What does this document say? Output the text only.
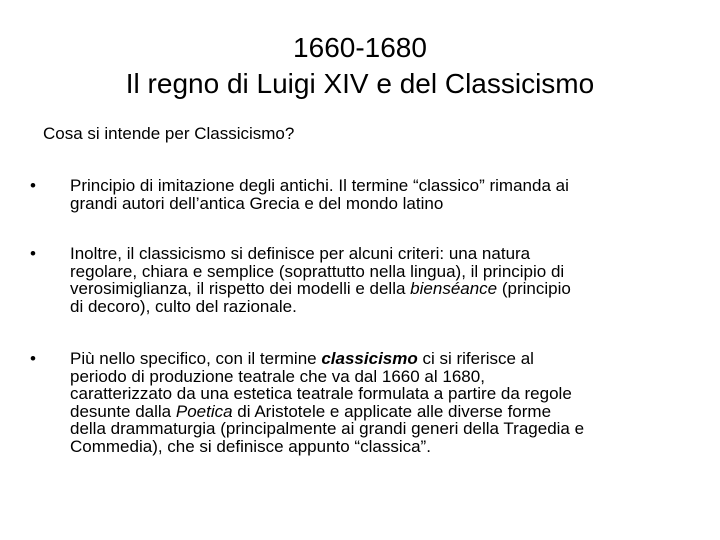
1660-1680
Il regno di Luigi XIV e del Classicismo
Cosa si intende per Classicismo?
•	Principio di imitazione degli antichi. Il termine “classico” rimanda ai
grandi autori dell’antica Grecia e del mondo latino
•	Inoltre, il classicismo si definisce per alcuni criteri: una natura
regolare, chiara e semplice (soprattutto nella lingua), il principio di
verosimiglianza, il rispetto dei modelli e della bienséance (principio
di decoro), culto del razionale.
•	Più nello specifico, con il termine classicismo ci si riferisce al
periodo di produzione teatrale che va dal 1660 al 1680,
caratterizzato da una estetica teatrale formulata a partire da regole
desunte dalla Poetica di Aristotele e applicate alle diverse forme
della drammaturgia (principalmente ai grandi generi della Tragedia e
Commedia), che si definisce appunto “classica”.
